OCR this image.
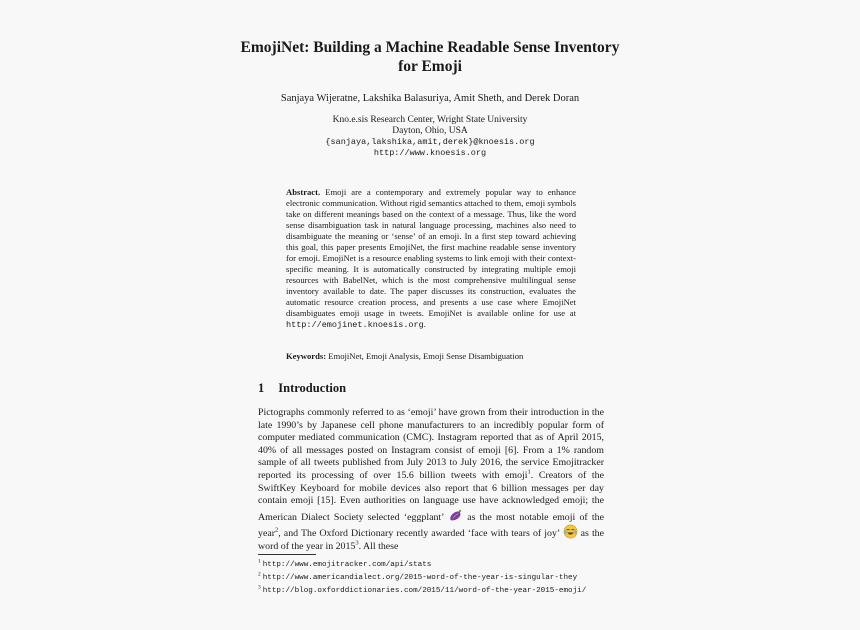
EmojiNet: Building a Machine Readable Sense Inventory for Emoji
Sanjaya Wijeratne, Lakshika Balasuriya, Amit Sheth, and Derek Doran
Kno.e.sis Research Center, Wright State University
Dayton, Ohio, USA
{sanjaya,lakshika,amit,derek}@knoesis.org
http://www.knoesis.org
Abstract. Emoji are a contemporary and extremely popular way to enhance electronic communication. Without rigid semantics attached to them, emoji symbols take on different meanings based on the context of a message. Thus, like the word sense disambiguation task in natural language processing, machines also need to disambiguate the meaning or ‘sense’ of an emoji. In a first step toward achieving this goal, this paper presents EmojiNet, the first machine readable sense inventory for emoji. EmojiNet is a resource enabling systems to link emoji with their context-specific meaning. It is automatically constructed by integrating multiple emoji resources with BabelNet, which is the most comprehensive multilingual sense inventory available to date. The paper discusses its construction, evaluates the automatic resource creation process, and presents a use case where EmojiNet disambiguates emoji usage in tweets. EmojiNet is available online for use at http://emojinet.knoesis.org.
Keywords: EmojiNet, Emoji Analysis, Emoji Sense Disambiguation
1 Introduction

Pictographs commonly referred to as ‘emoji’ have grown from their introduction in the late 1990’s by Japanese cell phone manufacturers to an incredibly popular form of computer mediated communication (CMC). Instagram reported that as of April 2015, 40% of all messages posted on Instagram consist of emoji [6]. From a 1% random sample of all tweets published from July 2013 to July 2016, the service Emojitracker reported its processing of over 15.6 billion tweets with emoji$^1$. Creators of the SwiftKey Keyboard for mobile devices also report that 6 billion messages per day contain emoji [15]. Even authorities on language use have acknowledged emoji; the American Dialect Society selected ‘eggplant’ as the most notable emoji of the year$^2$, and The Oxford Dictionary recently awarded ‘face with tears of joy’ as the word of the year in 2015$^3$. All these

$^1$ http://www.emojitracker.com/api/stats
$^2$ http://www.americandialect.org/2015-word-of-the-year-is-singular-they
$^3$ http://blog.oxforddictionaries.com/2015/11/word-of-the-year-2015-emoji/
